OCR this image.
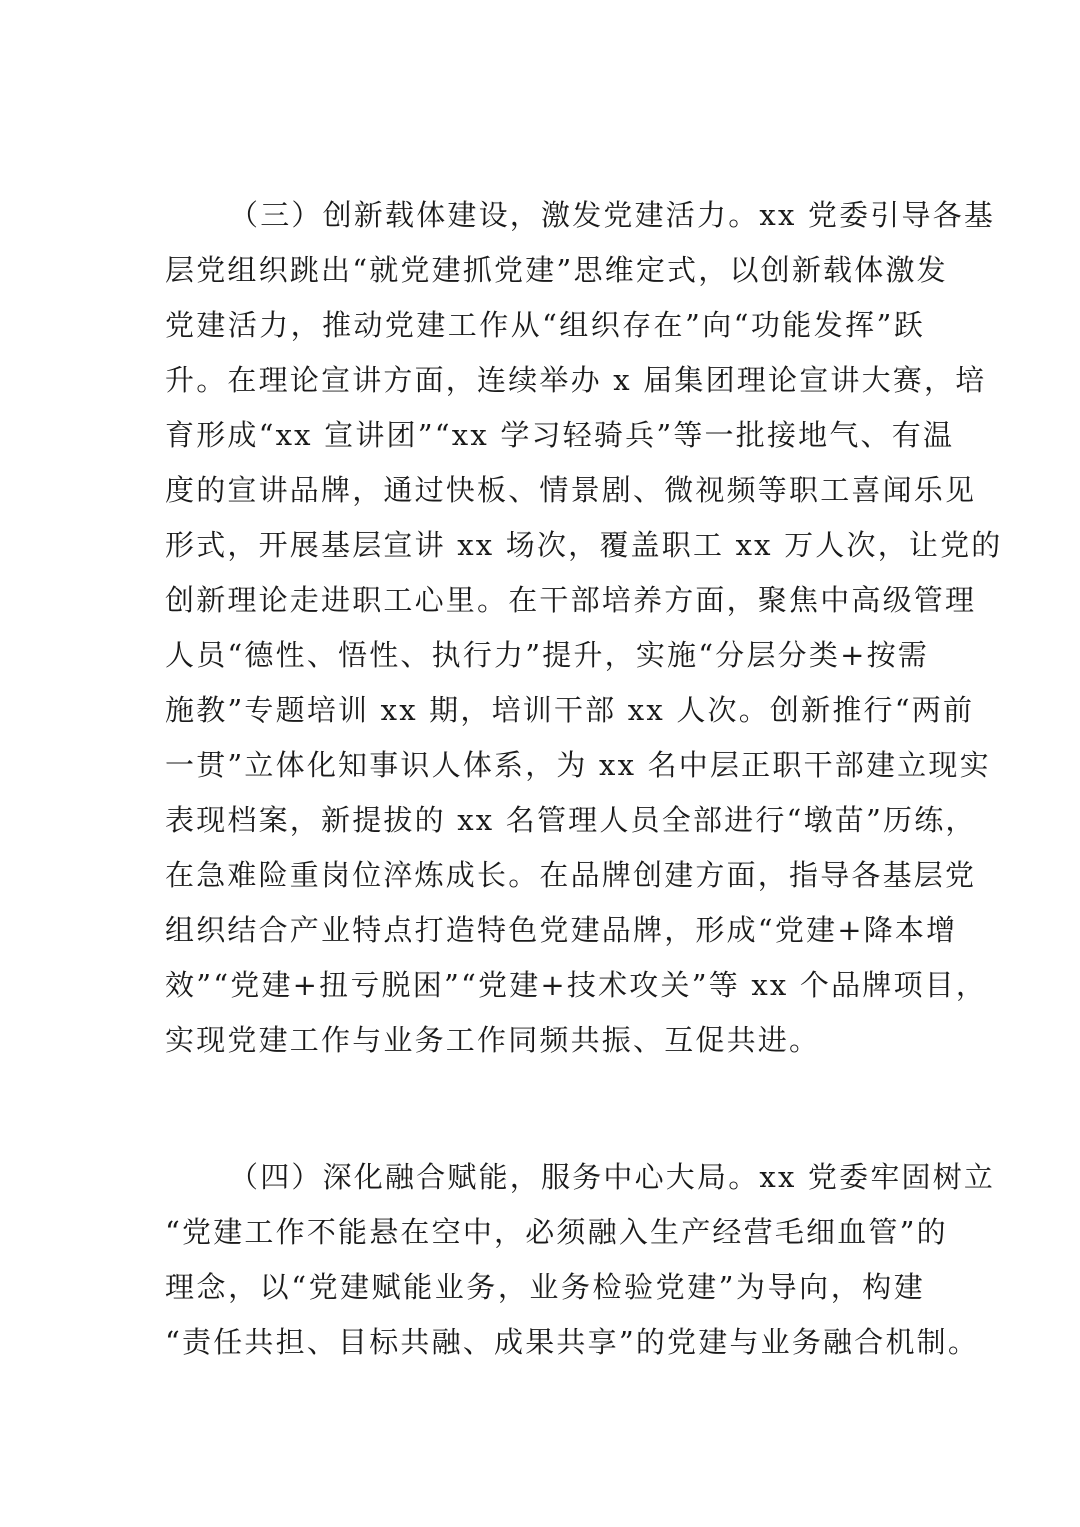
（三）创新载体建设，激发党建活力。xx 党委引导各基
层党组织跳出“就党建抓党建”思维定式，以创新载体激发
党建活力，推动党建工作从“组织存在”向“功能发挥”跃
升。在理论宣讲方面，连续举办 x 届集团理论宣讲大赛，培
育形成“xx 宣讲团”“xx 学习轻骑兵”等一批接地气、有温
度的宣讲品牌，通过快板、情景剧、微视频等职工喜闻乐见
形式，开展基层宣讲 xx 场次，覆盖职工 xx 万人次，让党的
创新理论走进职工心里。在干部培养方面，聚焦中高级管理
人员“德性、悟性、执行力”提升，实施“分层分类+按需
施教”专题培训 xx 期，培训干部 xx 人次。创新推行“两前
一贯”立体化知事识人体系，为 xx 名中层正职干部建立现实
表现档案，新提拔的 xx 名管理人员全部进行“墩苗”历练，
在急难险重岗位淬炼成长。在品牌创建方面，指导各基层党
组织结合产业特点打造特色党建品牌，形成“党建+降本增
效”“党建+扭亏脱困”“党建+技术攻关”等 xx 个品牌项目，
实现党建工作与业务工作同频共振、互促共进。
（四）深化融合赋能，服务中心大局。xx 党委牢固树立
“党建工作不能悬在空中，必须融入生产经营毛细血管”的
理念，以“党建赋能业务，业务检验党建”为导向，构建
“责任共担、目标共融、成果共享”的党建与业务融合机制。
